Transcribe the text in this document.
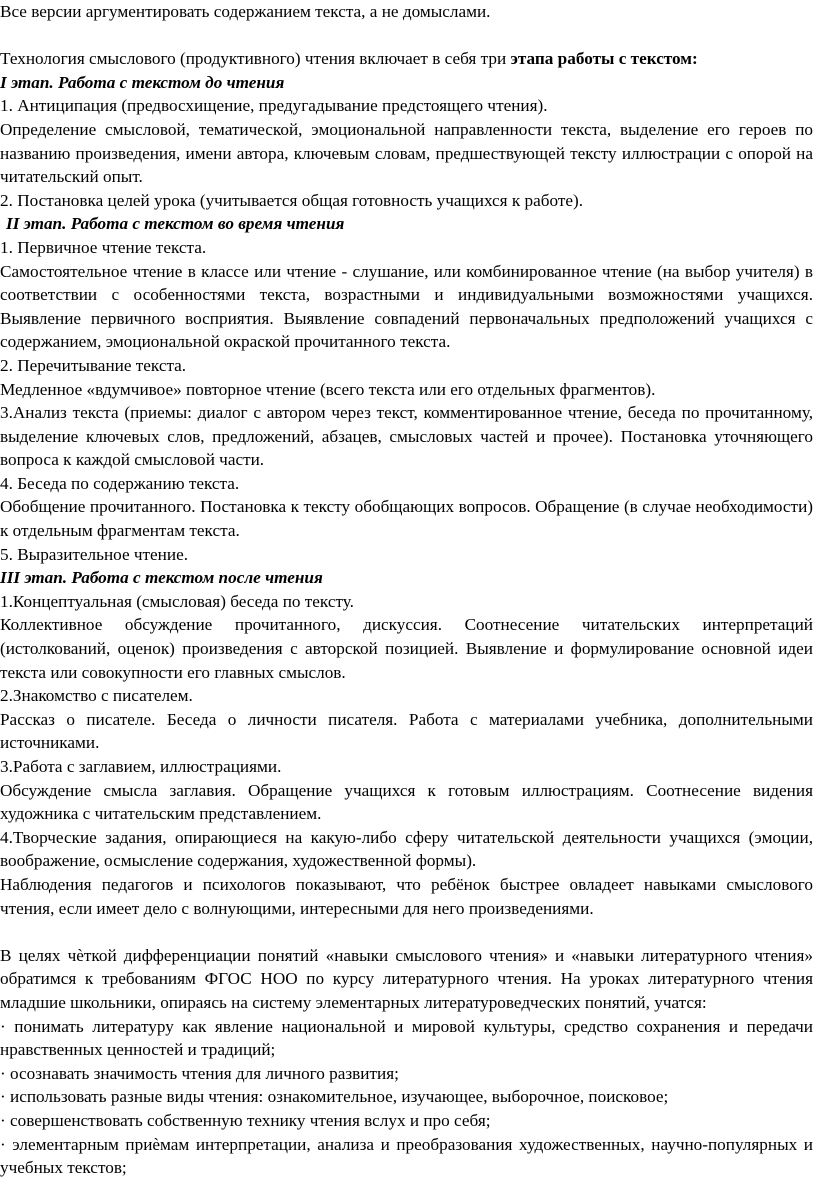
Все версии аргументировать содержанием текста, а не домыслами.

Технология смыслового (продуктивного) чтения включает в себя три этапа работы с текстом:

I этап. Работа с текстом до чтения

1. Антиципация (предвосхищение, предугадывание предстоящего чтения).

Определение смысловой, тематической, эмоциональной направленности текста, выделение его героев по названию произведения, имени автора, ключевым словам, предшествующей тексту иллюстрации с опорой на читательский опыт.

2. Постановка целей урока (учитывается общая готовность учащихся к работе).

II этап. Работа с текстом во время чтения

1. Первичное чтение текста.

Самостоятельное чтение в классе или чтение - слушание, или комбинированное чтение (на выбор учителя) в соответствии с особенностями текста, возрастными и индивидуальными возможностями учащихся. Выявление первичного восприятия. Выявление совпадений первоначальных предположений учащихся с содержанием, эмоциональной окраской прочитанного текста.

2. Перечитывание текста.

Медленное «вдумчивое» повторное чтение (всего текста или его отдельных фрагментов).

3.Анализ текста (приемы: диалог с автором через текст, комментированное чтение, беседа по прочитанному, выделение ключевых слов, предложений, абзацев, смысловых частей и прочее). Постановка уточняющего вопроса к каждой смысловой части.

4. Беседа по содержанию текста.

Обобщение прочитанного. Постановка к тексту обобщающих вопросов. Обращение (в случае необходимости) к отдельным фрагментам текста.

5. Выразительное чтение.

III этап. Работа с текстом после чтения

1.Концептуальная (смысловая) беседа по тексту.

Коллективное обсуждение прочитанного, дискуссия. Соотнесение читательских интерпретаций (истолкований, оценок) произведения с авторской позицией. Выявление и формулирование основной идеи текста или совокупности его главных смыслов.

2.Знакомство с писателем.

Рассказ о писателе. Беседа о личности писателя. Работа с материалами учебника, дополнительными источниками.

3.Работа с заглавием, иллюстрациями.

Обсуждение смысла заглавия. Обращение учащихся к готовым иллюстрациям. Соотнесение видения художника с читательским представлением.

4.Творческие задания, опирающиеся на какую-либо сферу читательской деятельности учащихся (эмоции, воображение, осмысление содержания, художественной формы).

Наблюдения педагогов и психологов показывают, что ребёнок быстрее овладеет навыками смыслового чтения, если имеет дело с волнующими, интересными для него произведениями.

В целях чѐткой дифференциации понятий «навыки смыслового чтения» и «навыки литературного чтения» обратимся к требованиям ФГОС НОО по курсу литературного чтения. На уроках литературного чтения младшие школьники, опираясь на систему элементарных литературоведческих понятий, учатся:

· понимать литературу как явление национальной и мировой культуры, средство сохранения и передачи нравственных ценностей и традиций;

· осознавать значимость чтения для личного развития;

· использовать разные виды чтения: ознакомительное, изучающее, выборочное, поисковое;

· совершенствовать собственную технику чтения вслух и про себя;

· элементарным приѐмам интерпретации, анализа и преобразования художественных, научно-популярных и учебных текстов;
